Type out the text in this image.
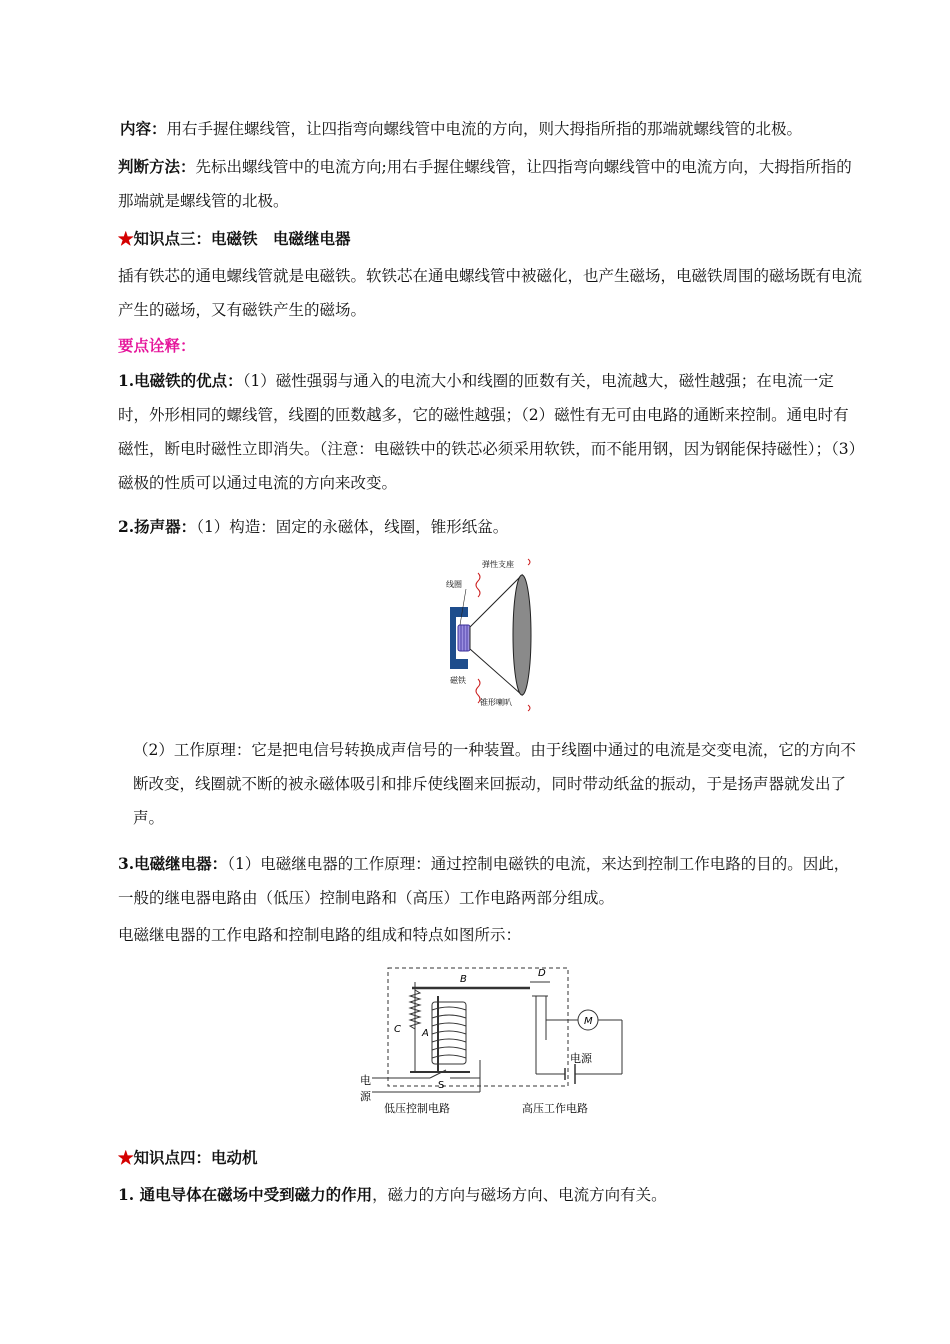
内容：用右手握住螺线管，让四指弯向螺线管中电流的方向，则大拇指所指的那端就螺线管的北极。

判断方法：先标出螺线管中的电流方向;用右手握住螺线管，让四指弯向螺线管中的电流方向，大拇指所指的那端就是螺线管的北极。

★知识点三：电磁铁　电磁继电器

插有铁芯的通电螺线管就是电磁铁。软铁芯在通电螺线管中被磁化，也产生磁场，电磁铁周围的磁场既有电流产生的磁场，又有磁铁产生的磁场。

要点诠释：

1.电磁铁的优点：（1）磁性强弱与通入的电流大小和线圈的匝数有关，电流越大，磁性越强；在电流一定时，外形相同的螺线管，线圈的匝数越多，它的磁性越强；（2）磁性有无可由电路的通断来控制。通电时有磁性，断电时磁性立即消失。（注意：电磁铁中的铁芯必须采用软铁，而不能用钢，因为钢能保持磁性）；（3）磁极的性质可以通过电流的方向来改变。

2.扬声器：（1）构造：固定的永磁体，线圈，锥形纸盆。

线圈
弹性支座
磁铁
锥形喇叭

（2）工作原理：它是把电信号转换成声信号的一种装置。由于线圈中通过的电流是交变电流，它的方向不断改变，线圈就不断的被永磁体吸引和排斥使线圈来回振动，同时带动纸盆的振动，于是扬声器就发出了声。

3.电磁继电器：（1）电磁继电器的工作原理：通过控制电磁铁的电流，来达到控制工作电路的目的。因此，一般的继电器电路由（低压）控制电路和（高压）工作电路两部分组成。

电磁继电器的工作电路和控制电路的组成和特点如图所示：

B
D
C A
M
S
电源
电
源
低压控制电路	高压工作电路

★知识点四：电动机

1. 通电导体在磁场中受到磁力的作用，磁力的方向与磁场方向、电流方向有关。
